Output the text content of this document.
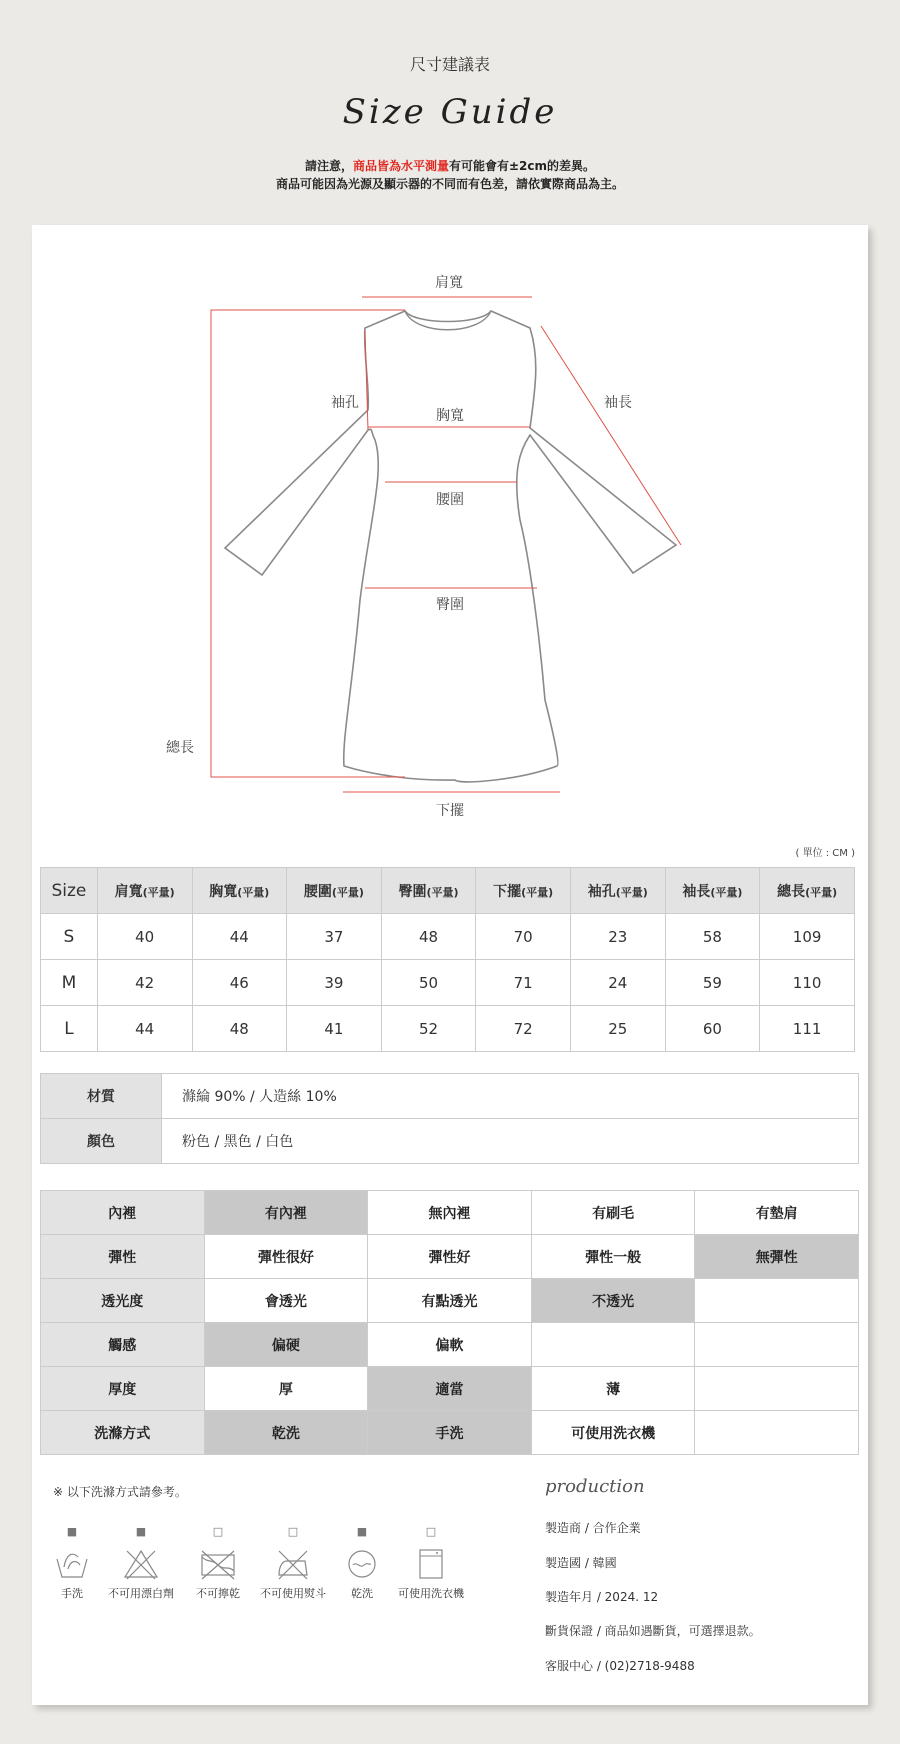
尺寸建議表
Size Guide
請注意，商品皆為水平測量有可能會有±2cm的差異。
商品可能因為光源及顯示器的不同而有色差，請依實際商品為主。
肩寬
袖孔	袖長
胸寬
腰圍
臀圍
總長
下擺
( 單位 : CM )
Size	肩寬(平量)	胸寬(平量)	腰圍(平量)	臀圍(平量)	下擺(平量)	袖孔(平量)	袖長(平量)	總長(平量)
S	40	44	37	48	70	23	58	109
M	42	46	39	50	71	24	59	110
L	44	48	41	52	72	25	60	111
材質	滌綸 90% / 人造絲 10%
顏色	粉色 / 黑色 / 白色
內裡	有內裡	無內裡	有刷毛	有墊肩
彈性	彈性很好	彈性好	彈性一般	無彈性
透光度	會透光	有點透光	不透光	
觸感	偏硬	偏軟		
厚度	厚	適當	薄	
洗滌方式	乾洗	手洗	可使用洗衣機	
※ 以下洗滌方式請參考。
■
手洗
■
不可用漂白劑
□
不可擰乾
□
不可使用熨斗
■
乾洗
□
可使用洗衣機
production
製造商 / 合作企業
製造國 / 韓國
製造年月 / 2024. 12
斷貨保證 / 商品如遇斷貨，可選擇退款。
客服中心 / (02)2718-9488
